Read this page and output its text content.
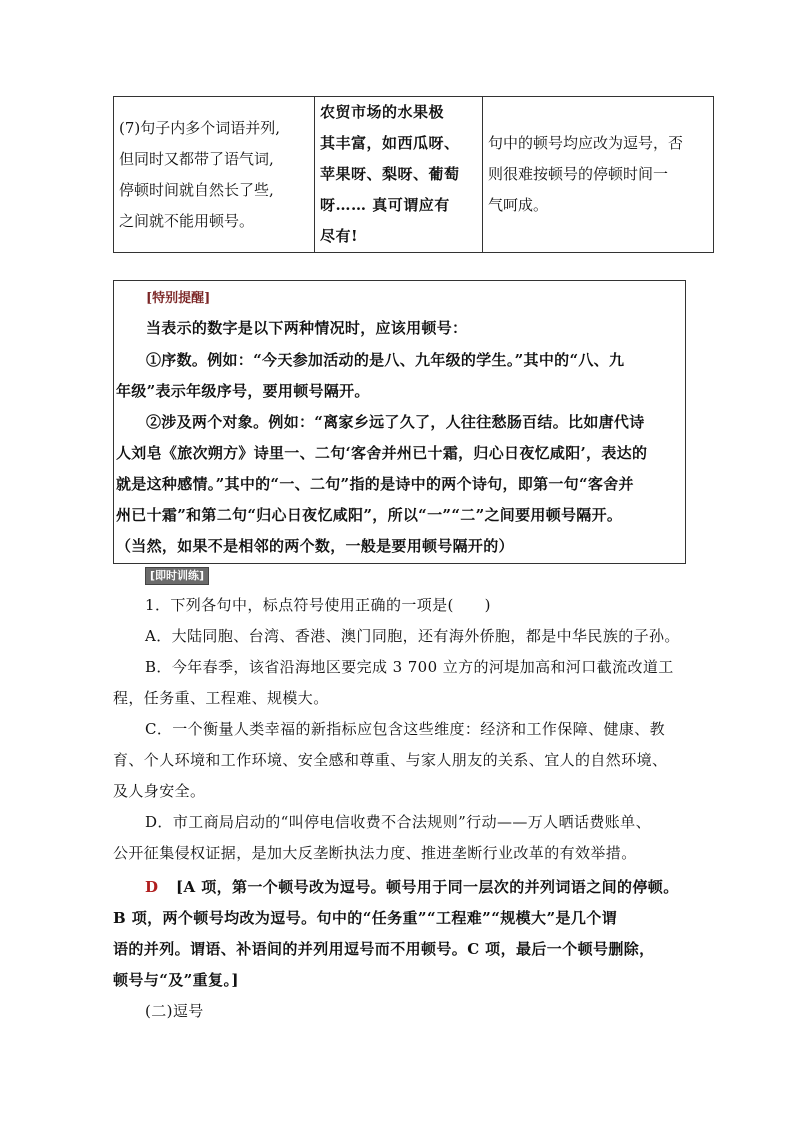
(7)句子内多个词语并列,
但同时又都带了语气词,
停顿时间就自然长了些,
之间就不能用顿号。

农贸市场的水果极
其丰富，如西瓜呀、
苹果呀、梨呀、葡萄
呀…… 真可谓应有
尽有!

句中的顿号均应改为逗号，否
则很难按顿号的停顿时间一
气呵成。
[特别提醒]
当表示的数字是以下两种情况时，应该用顿号：
①序数。例如：“今天参加活动的是八、九年级的学生。”其中的“八、九
年级”表示年级序号，要用顿号隔开。
②涉及两个对象。例如：“离家乡远了久了，人往往愁肠百结。比如唐代诗
人刘皂《旅次朔方》诗里一、二句‘客舍并州已十霜，归心日夜忆咸阳’，表达的
就是这种感情。”其中的“一、二句”指的是诗中的两个诗句，即第一句“客舍并
州已十霜”和第二句“归心日夜忆咸阳”，所以“一”“二”之间要用顿号隔开。
（当然，如果不是相邻的两个数，一般是要用顿号隔开的）
[即时训练]
1．下列各句中，标点符号使用正确的一项是(　　)
A．大陆同胞、台湾、香港、澳门同胞，还有海外侨胞，都是中华民族的子孙。
B．今年春季，该省沿海地区要完成 3 700 立方的河堤加高和河口截流改道工
程，任务重、工程难、规模大。
C．一个衡量人类幸福的新指标应包含这些维度：经济和工作保障、健康、教
育、个人环境和工作环境、安全感和尊重、与家人朋友的关系、宜人的自然环境、
及人身安全。
D．市工商局启动的“叫停电信收费不合法规则”行动——万人晒话费账单、
公开征集侵权证据，是加大反垄断执法力度、推进垄断行业改革的有效举措。
D [A 项，第一个顿号改为逗号。顿号用于同一层次的并列词语之间的停顿。
B 项，两个顿号均改为逗号。句中的“任务重”“工程难”“规模大”是几个谓
语的并列。谓语、补语间的并列用逗号而不用顿号。C 项，最后一个顿号删除，
顿号与“及”重复。]
(二)逗号
